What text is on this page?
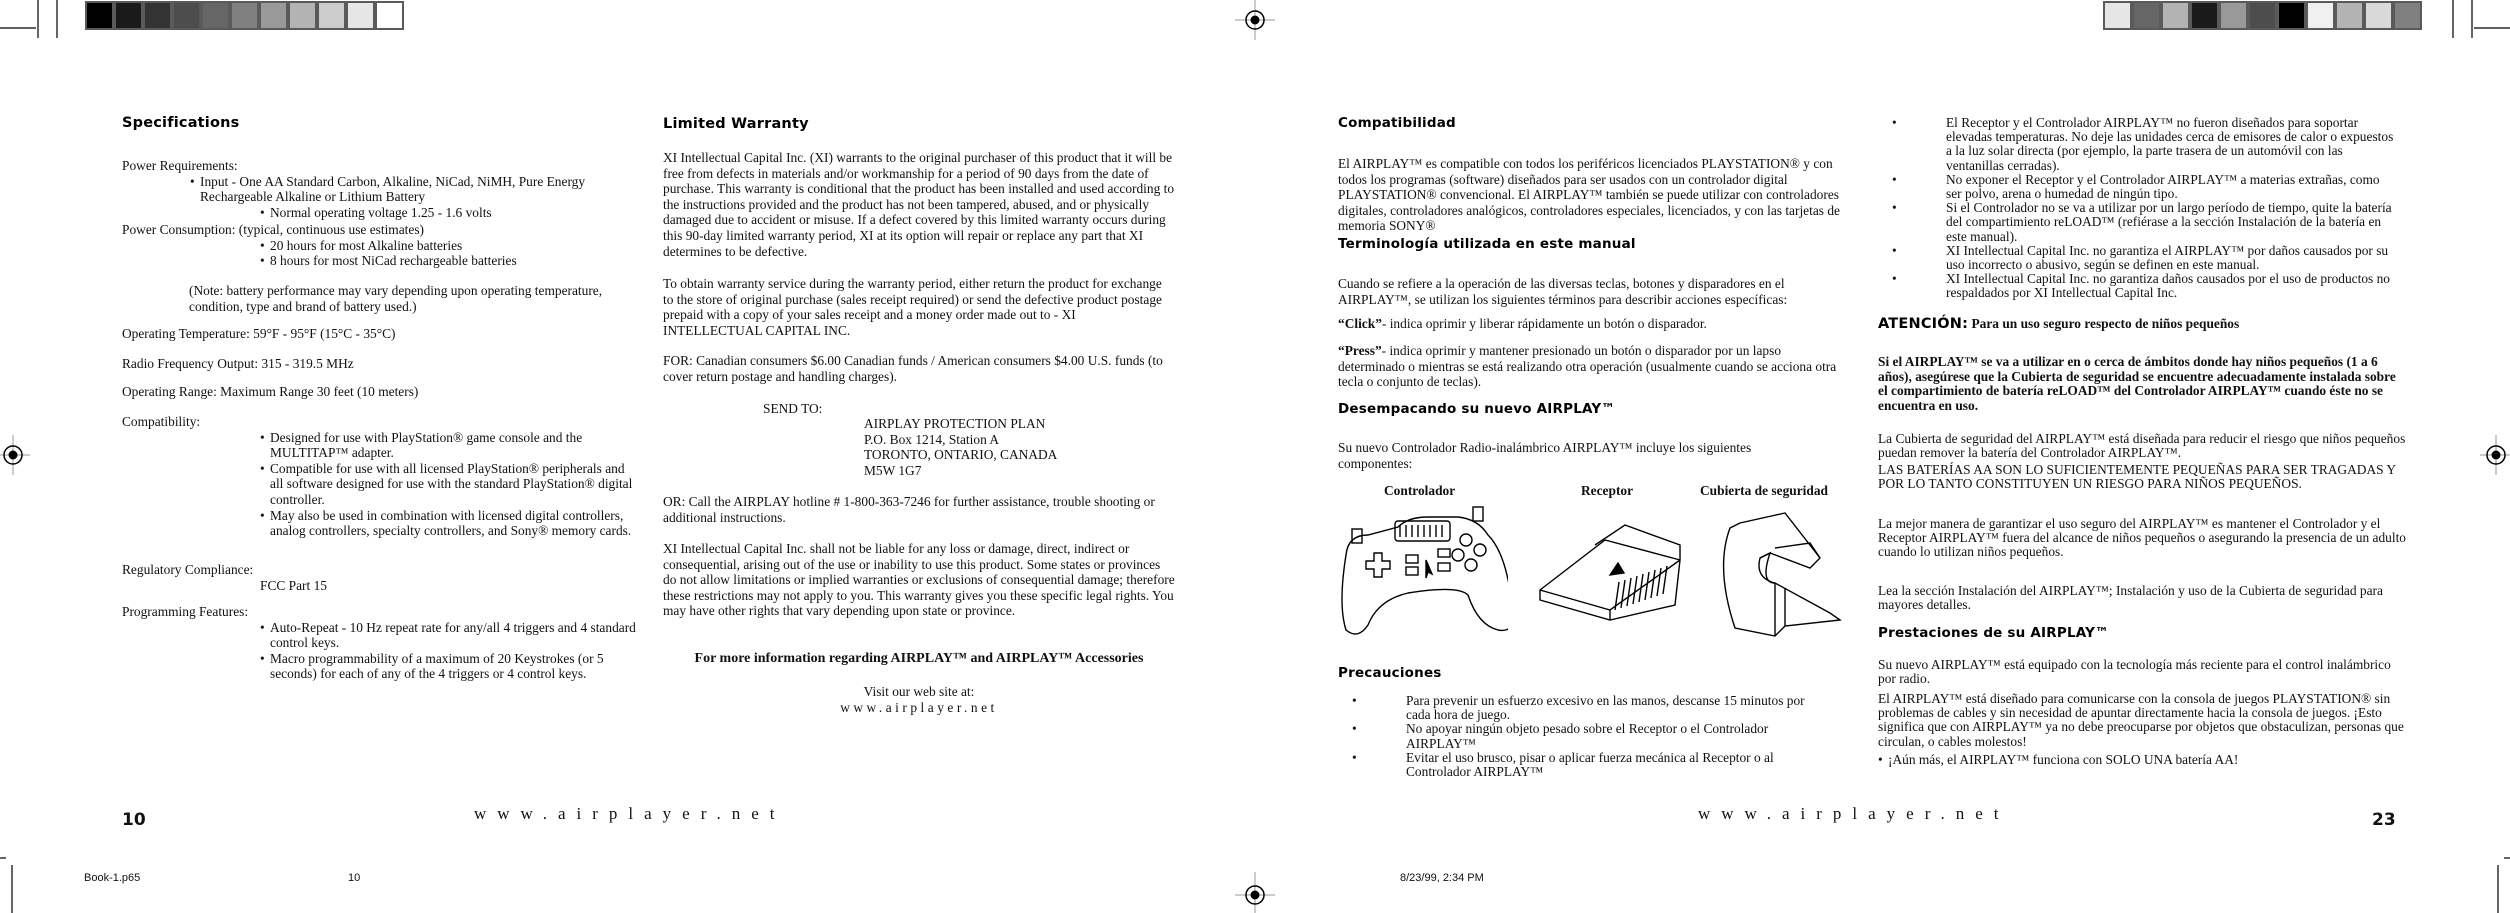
Specifications

Power Requirements:

• Input - One AA Standard Carbon, Alkaline, NiCad, NiMH, Pure Energy Rechargeable Alkaline or Lithium Battery

• Normal operating voltage 1.25 - 1.6 volts

Power Consumption: (typical, continuous use estimates)

• 20 hours for most Alkaline batteries

• 8 hours for most NiCad rechargeable batteries

(Note: battery performance may vary depending upon operating temperature, condition, type and brand of battery used.)

Operating Temperature: 59°F - 95°F (15°C - 35°C)

Radio Frequency Output: 315 - 319.5 MHz

Operating Range: Maximum Range 30 feet (10 meters)

Compatibility:

• Designed for use with PlayStation® game console and the MULTITAP™ adapter.

• Compatible for use with all licensed PlayStation® peripherals and all software designed for use with the standard PlayStation® digital controller.

• May also be used in combination with licensed digital controllers, analog controllers, specialty controllers, and Sony® memory cards.

Regulatory Compliance:

FCC Part 15

Programming Features:

• Auto-Repeat - 10 Hz repeat rate for any/all 4 triggers and 4 standard control keys.

• Macro programmability of a maximum of 20 Keystrokes (or 5 seconds) for each of any of the 4 triggers or 4 control keys.

Limited Warranty

XI Intellectual Capital Inc. (XI) warrants to the original purchaser of this product that it will be free from defects in materials and/or workmanship for a period of 90 days from the date of purchase. This warranty is conditional that the product has been installed and used according to the instructions provided and the product has not been tampered, abused, and or physically damaged due to accident or misuse. If a defect covered by this limited warranty occurs during this 90-day limited warranty period, XI at its option will repair or replace any part that XI determines to be defective.

To obtain warranty service during the warranty period, either return the product for exchange to the store of original purchase (sales receipt required) or send the defective product postage prepaid with a copy of your sales receipt and a money order made out to - XI INTELLECTUAL CAPITAL INC.

FOR: Canadian consumers $6.00 Canadian funds / American consumers $4.00 U.S. funds (to cover return postage and handling charges).

SEND TO:

AIRPLAY PROTECTION PLAN

P.O. Box 1214, Station A

TORONTO, ONTARIO, CANADA

M5W 1G7

OR: Call the AIRPLAY hotline # 1-800-363-7246 for further assistance, trouble shooting or additional instructions.

XI Intellectual Capital Inc. shall not be liable for any loss or damage, direct, indirect or consequential, arising out of the use or inability to use this product. Some states or provinces do not allow limitations or implied warranties or exclusions of consequential damage; therefore these restrictions may not apply to you. This warranty gives you these specific legal rights. You may have other rights that vary depending upon state or province.

For more information regarding AIRPLAY™ and AIRPLAY™ Accessories

Visit our web site at:

www.airplayer.net

10	www.airplayer.net
Compatibilidad

El AIRPLAY™ es compatible con todos los periféricos licenciados PLAYSTATION® y con todos los programas (software) diseñados para ser usados con un controlador digital PLAYSTATION® convencional. El AIRPLAY™ también se puede utilizar con controladores digitales, controladores analógicos, controladores especiales, licenciados, y con las tarjetas de memoria SONY®

Terminología utilizada en este manual

Cuando se refiere a la operación de las diversas teclas, botones y disparadores en el AIRPLAY™, se utilizan los siguientes términos para describir acciones específicas:

“Click”- indica oprimir y liberar rápidamente un botón o disparador.

“Press”- indica oprimir y mantener presionado un botón o disparador por un lapso determinado o mientras se está realizando otra operación (usualmente cuando se acciona otra tecla o conjunto de teclas).

Desempacando su nuevo AIRPLAY™

Su nuevo Controlador Radio-inalámbrico AIRPLAY™ incluye los siguientes componentes:

Controlador	Receptor	Cubierta de seguridad

Precauciones

•	Para prevenir un esfuerzo excesivo en las manos, descanse 15 minutos por cada hora de juego.

•	No apoyar ningún objeto pesado sobre el Receptor o el Controlador AIRPLAY™

•	Evitar el uso brusco, pisar o aplicar fuerza mecánica al Receptor o al Controlador AIRPLAY™

•	El Receptor y el Controlador AIRPLAY™ no fueron diseñados para soportar elevadas temperaturas. No deje las unidades cerca de emisores de calor o expuestos a la luz solar directa (por ejemplo, la parte trasera de un automóvil con las ventanillas cerradas).

•	No exponer el Receptor y el Controlador AIRPLAY™ a materias extrañas, como ser polvo, arena o humedad de ningún tipo.

•	Si el Controlador no se va a utilizar por un largo período de tiempo, quite la batería del compartimiento reLOAD™ (refiérase a la sección Instalación de la batería en este manual).

•	XI Intellectual Capital Inc. no garantiza el AIRPLAY™ por daños causados por su uso incorrecto o abusivo, según se definen en este manual.

•	XI Intellectual Capital Inc. no garantiza daños causados por el uso de productos no respaldados por XI Intellectual Capital Inc.

ATENCIÓN: Para un uso seguro respecto de niños pequeños

Si el AIRPLAY™ se va a utilizar en o cerca de ámbitos donde hay niños pequeños (1 a 6 años), asegúrese que la Cubierta de seguridad se encuentre adecuadamente instalada sobre el compartimiento de batería reLOAD™ del Controlador AIRPLAY™ cuando éste no se encuentra en uso.

La Cubierta de seguridad del AIRPLAY™ está diseñada para reducir el riesgo que niños pequeños puedan remover la batería del Controlador AIRPLAY™.

LAS BATERÍAS AA SON LO SUFICIENTEMENTE PEQUEÑAS PARA SER TRAGADAS Y POR LO TANTO CONSTITUYEN UN RIESGO PARA NIÑOS PEQUEÑOS.

La mejor manera de garantizar el uso seguro del AIRPLAY™ es mantener el Controlador y el Receptor AIRPLAY™ fuera del alcance de niños pequeños o asegurando la presencia de un adulto cuando lo utilizan niños pequeños.

Lea la sección Instalación del AIRPLAY™; Instalación y uso de la Cubierta de seguridad para mayores detalles.

Prestaciones de su AIRPLAY™

Su nuevo AIRPLAY™ está equipado con la tecnología más reciente para el control inalámbrico por radio.

El AIRPLAY™ está diseñado para comunicarse con la consola de juegos PLAYSTATION® sin problemas de cables y sin necesidad de apuntar directamente hacia la consola de juegos. ¡Esto significa que con AIRPLAY™ ya no debe preocuparse por objetos que obstaculizan, personas que circulan, o cables molestos!

• ¡Aún más, el AIRPLAY™ funciona con SOLO UNA batería AA!

www.airplayer.net	23
Book-1.p65	10	8/23/99, 2:34 PM
